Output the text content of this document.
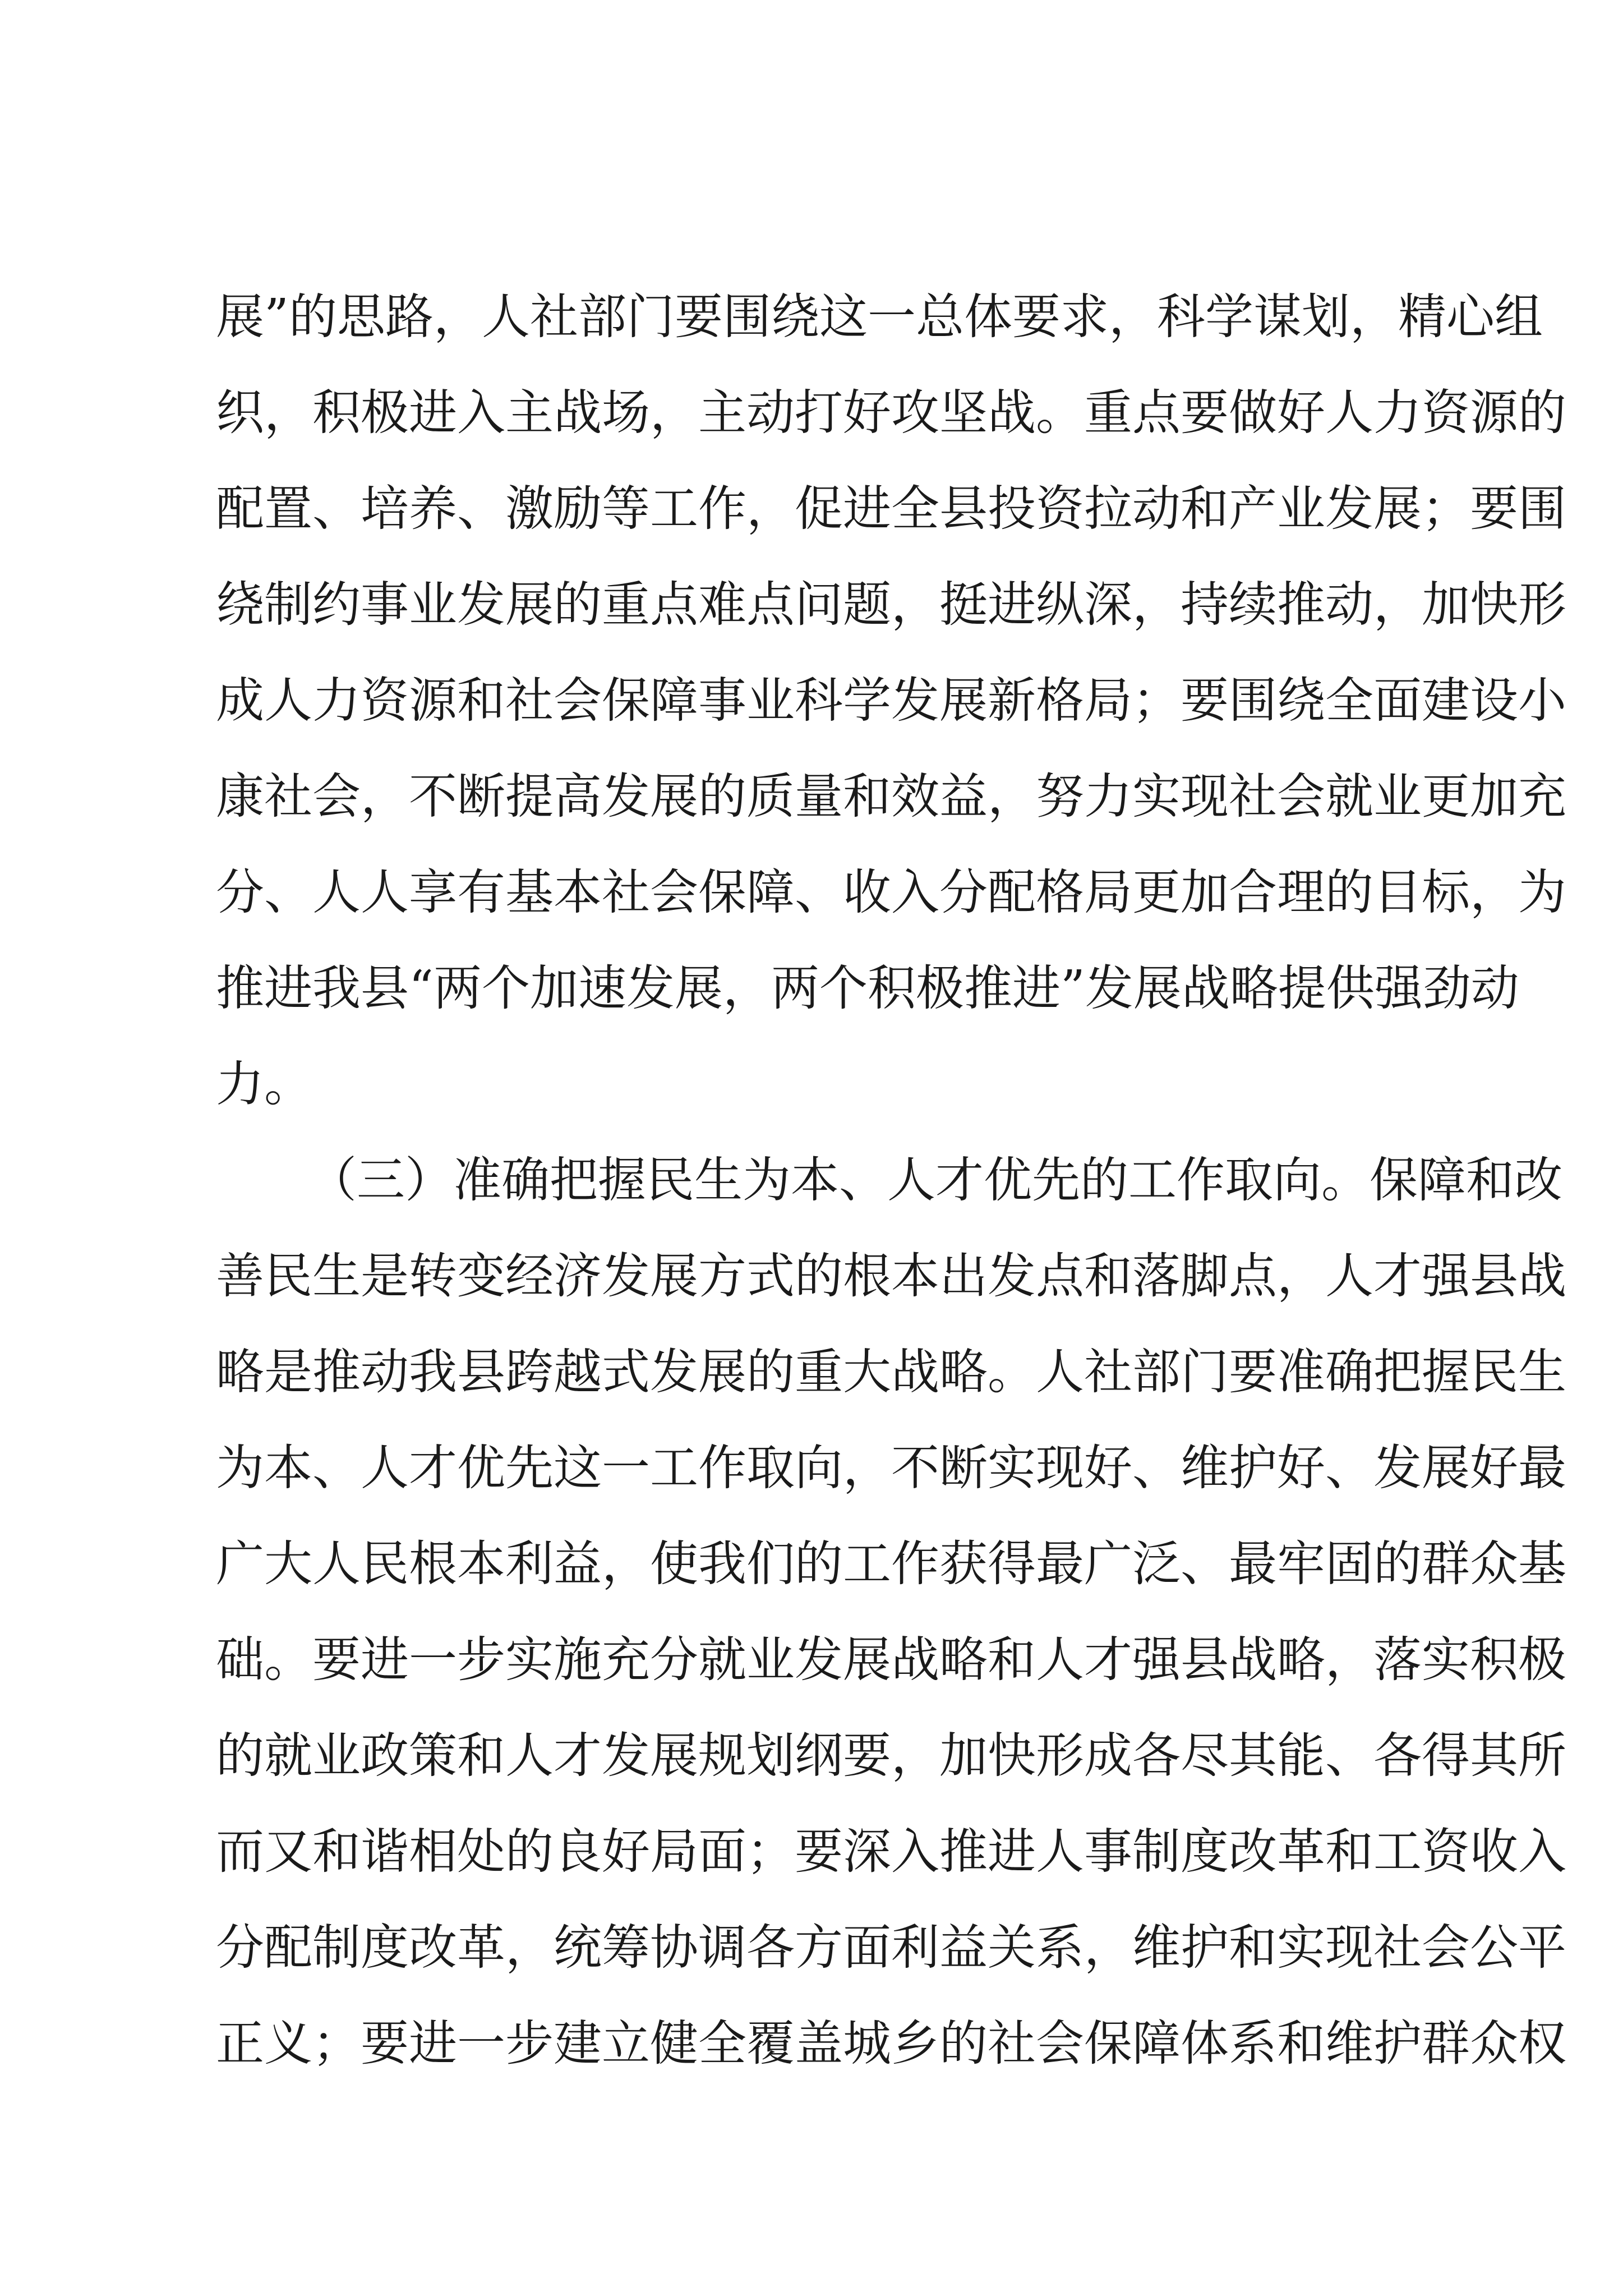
展”的思路，人社部门要围绕这一总体要求，科学谋划，精心组
织，积极进入主战场，主动打好攻坚战。重点要做好人力资源的
配置、培养、激励等工作，促进全县投资拉动和产业发展；要围
绕制约事业发展的重点难点问题，挺进纵深，持续推动，加快形
成人力资源和社会保障事业科学发展新格局；要围绕全面建设小
康社会，不断提高发展的质量和效益，努力实现社会就业更加充
分、人人享有基本社会保障、收入分配格局更加合理的目标，为
推进我县“两个加速发展，两个积极推进”发展战略提供强劲动
力。
（三）准确把握民生为本、人才优先的工作取向。保障和改
善民生是转变经济发展方式的根本出发点和落脚点，人才强县战
略是推动我县跨越式发展的重大战略。人社部门要准确把握民生
为本、人才优先这一工作取向，不断实现好、维护好、发展好最
广大人民根本利益，使我们的工作获得最广泛、最牢固的群众基
础。要进一步实施充分就业发展战略和人才强县战略，落实积极
的就业政策和人才发展规划纲要，加快形成各尽其能、各得其所
而又和谐相处的良好局面；要深入推进人事制度改革和工资收入
分配制度改革，统筹协调各方面利益关系，维护和实现社会公平
正义；要进一步建立健全覆盖城乡的社会保障体系和维护群众权
